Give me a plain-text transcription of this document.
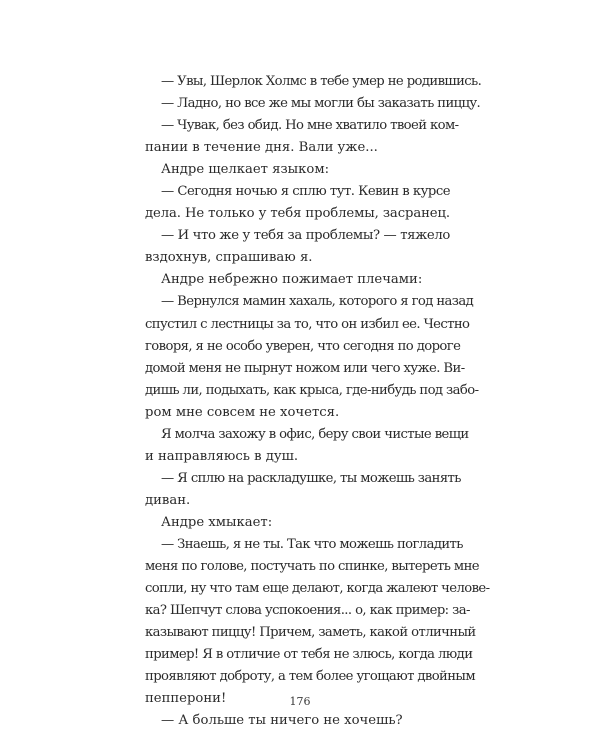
— Увы, Шерлок Холмс в тебе умер не родившись.
— Ладно, но все же мы могли бы заказать пиццу.
— Чувак, без обид. Но мне хватило твоей ком-
пании в течение дня. Вали уже...
Андре щелкает языком:
— Сегодня ночью я сплю тут. Кевин в курсе
дела. Не только у тебя проблемы, засранец.
— И что же у тебя за проблемы? — тяжело
вздохнув, спрашиваю я.
Андре небрежно пожимает плечами:
— Вернулся мамин хахаль, которого я год назад
спустил с лестницы за то, что он избил ее. Честно
говоря, я не особо уверен, что сегодня по дороге
домой меня не пырнут ножом или чего хуже. Ви-
дишь ли, подыхать, как крыса, где-нибудь под забо-
ром мне совсем не хочется.
Я молча захожу в офис, беру свои чистые вещи
и направляюсь в душ.
— Я сплю на раскладушке, ты можешь занять
диван.
Андре хмыкает:
— Знаешь, я не ты. Так что можешь погладить
меня по голове, постучать по спинке, вытереть мне
сопли, ну что там еще делают, когда жалеют челове-
ка? Шепчут слова успокоения... о, как пример: за-
казывают пиццу! Причем, заметь, какой отличный
пример! Я в отличие от тебя не злюсь, когда люди
проявляют доброту, а тем более угощают двойным
пепперони!
— А больше ты ничего не хочешь?
176
